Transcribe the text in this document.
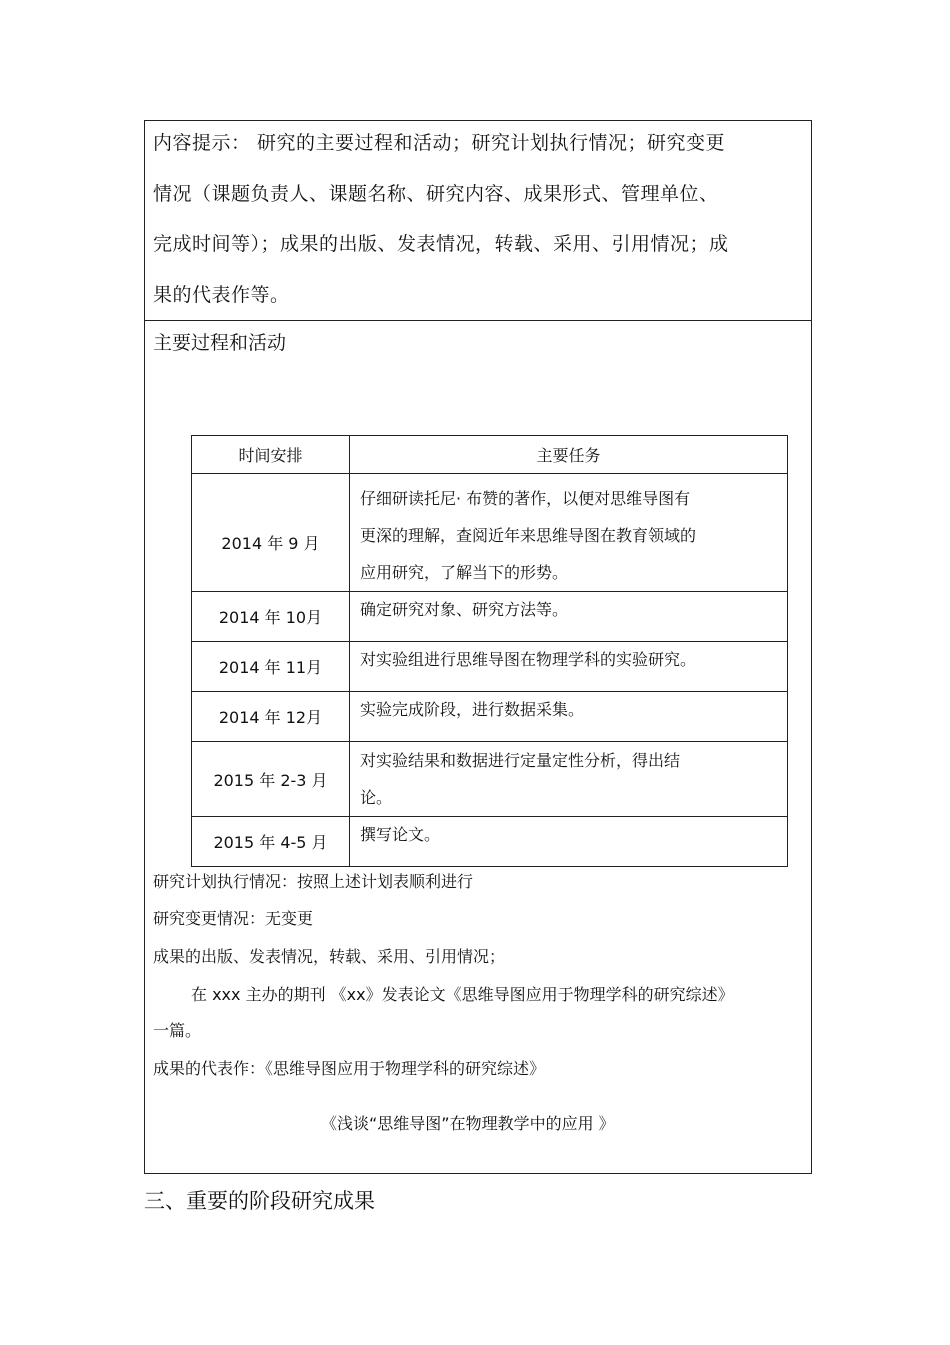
内容提示： 研究的主要过程和活动；研究计划执行情况；研究变更

情况（课题负责人、课题名称、研究内容、成果形式、管理单位、

完成时间等）；成果的出版、发表情况，转载、采用、引用情况；成

果的代表作等。

主要过程和活动

时间安排	主要任务
2014 年 9 月	仔细研读托尼· 布赞的著作，以便对思维导图有
更深的理解，查阅近年来思维导图在教育领域的
应用研究，了解当下的形势。

2014 年 10月	确定研究对象、研究方法等。

2014 年 11月	对实验组进行思维导图在物理学科的实验研究。

2014 年 12月	实验完成阶段，进行数据采集。

2015 年 2-3 月	对实验结果和数据进行定量定性分析，得出结
论。

2015 年 4-5 月	撰写论文。

研究计划执行情况：按照上述计划表顺利进行

研究变更情况：无变更

成果的出版、发表情况，转载、采用、引用情况；

在 xxx 主办的期刊 《xx》发表论文《思维导图应用于物理学科的研究综述》

一篇。

成果的代表作：《思维导图应用于物理学科的研究综述》

《浅谈“思维导图”在物理教学中的应用 》

三、重要的阶段研究成果
